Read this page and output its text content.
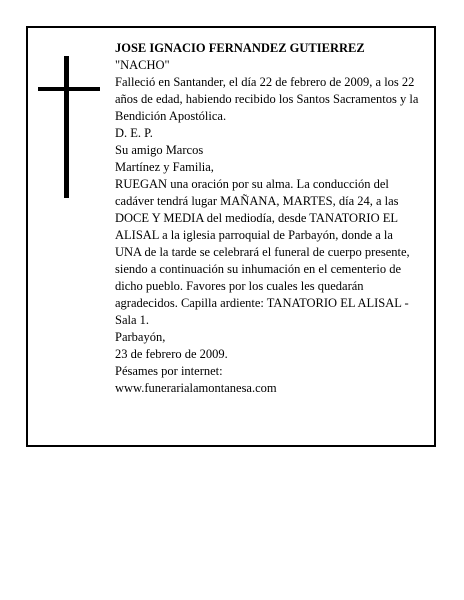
JOSE IGNACIO FERNANDEZ GUTIERREZ

"NACHO"

Falleció en Santander, el día 22 de febrero de 2009, a los 22 años de edad, habiendo recibido los Santos Sacramentos y la Bendición Apostólica.

D. E. P.

Su amigo Marcos

Martínez y Familia,

RUEGAN una oración por su alma. La conducción del cadáver tendrá lugar MAÑANA, MARTES, día 24, a las DOCE Y MEDIA del mediodía, desde TANATORIO EL ALISAL a la iglesia parroquial de Parbayón, donde a la UNA de la tarde se celebrará el funeral de cuerpo presente, siendo a continuación su inhumación en el cementerio de dicho pueblo. Favores por los cuales les quedarán agradecidos. Capilla ardiente: TANATORIO EL ALISAL - Sala 1.

Parbayón,

23 de febrero de 2009.

Pésames por internet:

www.funerarialamontanesa.com
